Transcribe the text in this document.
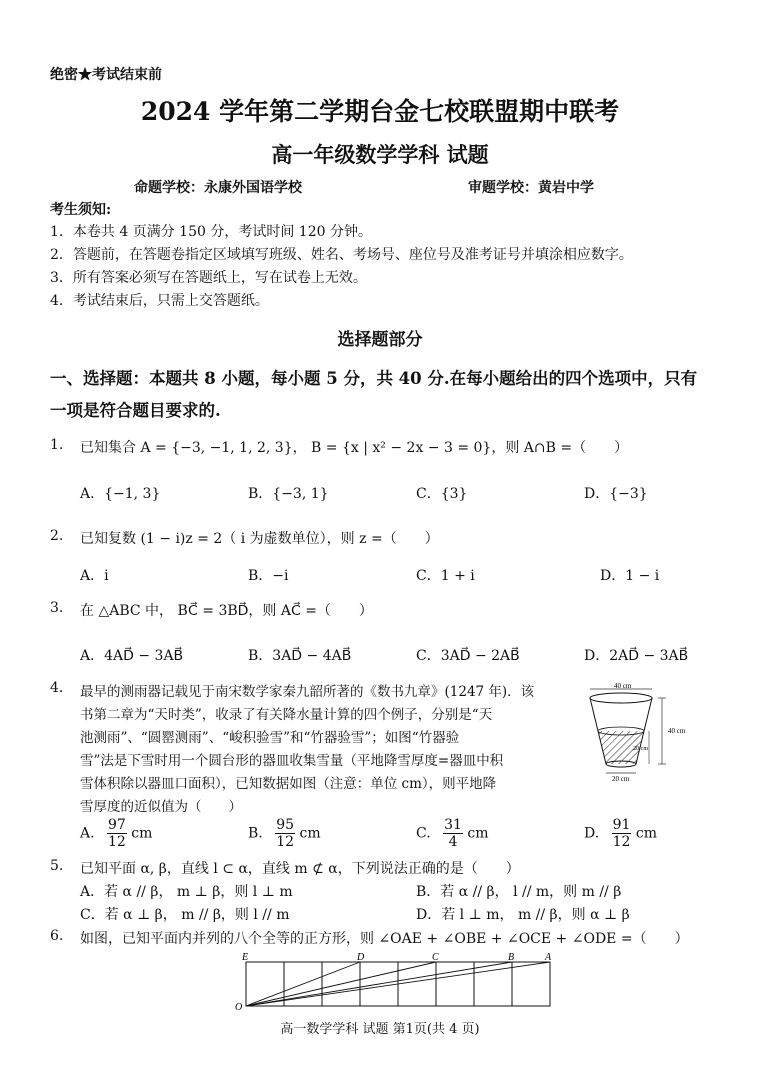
绝密★考试结束前
2024 学年第二学期台金七校联盟期中联考
高一年级数学学科 试题
命题学校：永康外国语学校	审题学校：黄岩中学
考生须知:
1．本卷共 4 页满分 150 分，考试时间 120 分钟。
2．答题前，在答题卷指定区域填写班级、姓名、考场号、座位号及准考证号并填涂相应数字。
3．所有答案必须写在答题纸上，写在试卷上无效。
4．考试结束后，只需上交答题纸。
选择题部分
一、选择题：本题共 8 小题，每小题 5 分，共 40 分.在每小题给出的四个选项中，只有
一项是符合题目要求的.
1. 已知集合 A = {−3, −1, 1, 2, 3}， B = {x | x² − 2x − 3 = 0}，则 A∩B =（　　）
A．{−1, 3}	B．{−3, 1}	C．{3}	D．{−3}
2. 已知复数 (1 − i)z = 2（ i 为虚数单位），则 z =（　　）
A．i	B．−i	C．1 + i	D．1 − i
3. 在 △ABC 中， BC⃗ = 3BD⃗，则 AC⃗ =（　　）
A．4AD⃗ − 3AB⃗	B．3AD⃗ − 4AB⃗	C．3AD⃗ − 2AB⃗	D．2AD⃗ − 3AB⃗
4. 最早的测雨器记载见于南宋数学家秦九韶所著的《数书九章》(1247 年)．该
书第二章为“天时类”，收录了有关降水量计算的四个例子，分别是“天
池测雨”、“圆罂测雨”、“峻积验雪”和“竹器验雪”；如图“竹器验
雪”法是下雪时用一个圆台形的器皿收集雪量（平地降雪厚度=器皿中积
雪体积除以器皿口面积），已知数据如图（注意：单位 cm），则平地降
雪厚度的近似值为（　　）
40 cm
40 cm
20 cm
20 cm
A. $\frac{97}{12}$ cm	B. $\frac{95}{12}$ cm	C. $\frac{31}{4}$ cm	D. $\frac{91}{12}$ cm
5. 已知平面 α, β，直线 l ⊂ α，直线 m ⊄ α，下列说法正确的是（　　）
A．若 α // β， m ⊥ β，则 l ⊥ m	B．若 α // β， l // m，则 m // β
C．若 α ⊥ β， m // β，则 l // m	D．若 l ⊥ m， m // β，则 α ⊥ β
6. 如图，已知平面内并列的八个全等的正方形，则 ∠OAE + ∠OBE + ∠OCE + ∠ODE =（　　）
E	D	C	B	A
O
高一数学学科 试题 第1页(共 4 页)
